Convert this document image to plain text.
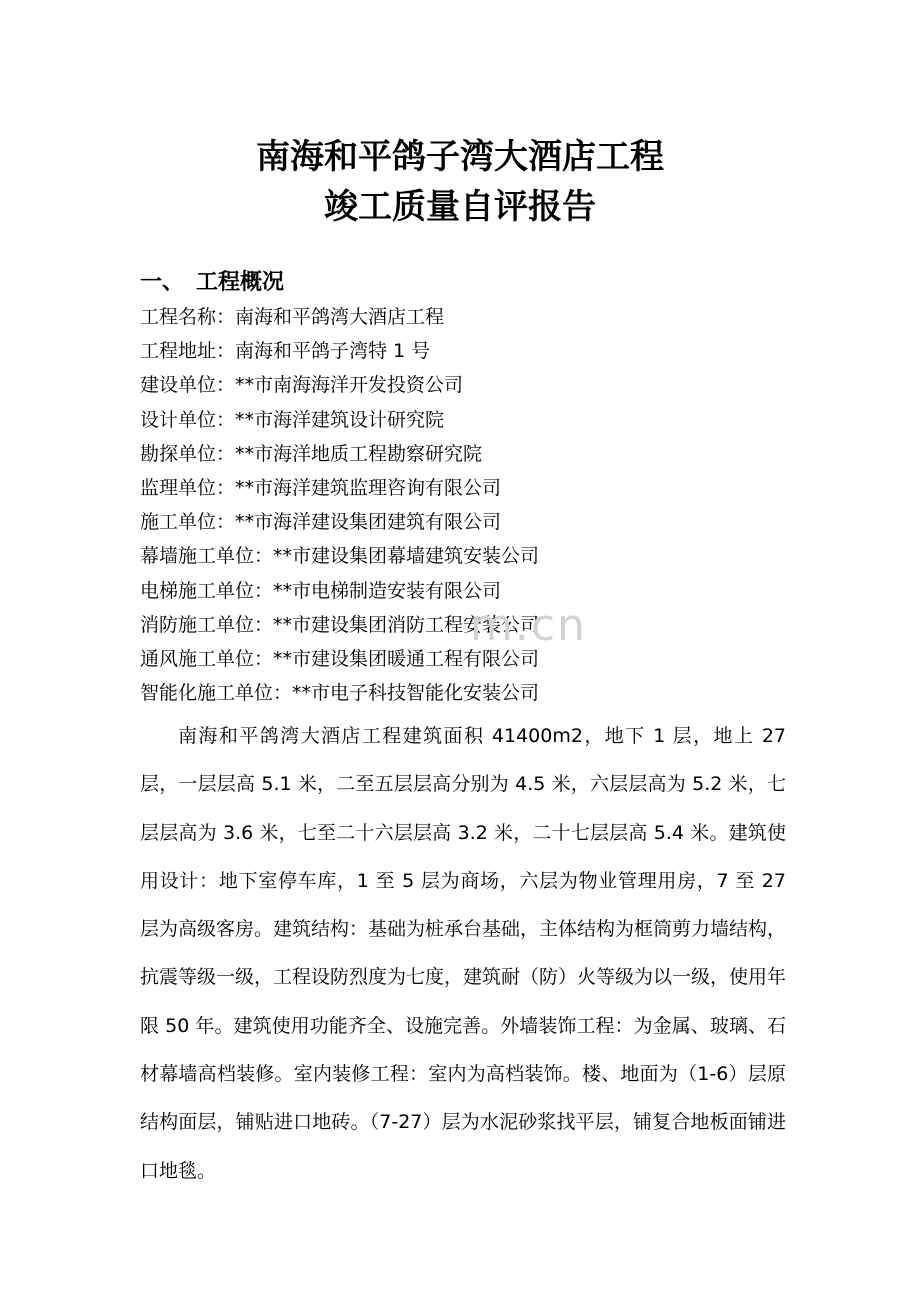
南海和平鸽子湾大酒店工程

竣工质量自评报告

一、 工程概况

工程名称：南海和平鸽湾大酒店工程
工程地址：南海和平鸽子湾特 1 号
建设单位：**市南海海洋开发投资公司
设计单位：**市海洋建筑设计研究院
勘探单位：**市海洋地质工程勘察研究院
监理单位：**市海洋建筑监理咨询有限公司
施工单位：**市海洋建设集团建筑有限公司
幕墙施工单位：**市建设集团幕墙建筑安装公司
电梯施工单位：**市电梯制造安装有限公司
消防施工单位：**市建设集团消防工程安装公司
通风施工单位：**市建设集团暖通工程有限公司
智能化施工单位：**市电子科技智能化安装公司

南海和平鸽湾大酒店工程建筑面积 41400m2，地下 1 层，地上 27 层，一层层高 5.1 米，二至五层层高分别为 4.5 米，六层层高为 5.2 米，七层层高为 3.6 米，七至二十六层层高 3.2 米，二十七层层高 5.4 米。建筑使用设计：地下室停车库，1 至 5 层为商场，六层为物业管理用房，7 至 27 层为高级客房。建筑结构：基础为桩承台基础，主体结构为框筒剪力墙结构，抗震等级一级，工程设防烈度为七度，建筑耐（防）火等级为以一级，使用年限 50 年。建筑使用功能齐全、设施完善。外墙装饰工程：为金属、玻璃、石材幕墙高档装修。室内装修工程：室内为高档装饰。楼、地面为（1-6）层原结构面层，铺贴进口地砖。（7-27）层为水泥砂浆找平层，铺复合地板面铺进口地毯。

m.cn
